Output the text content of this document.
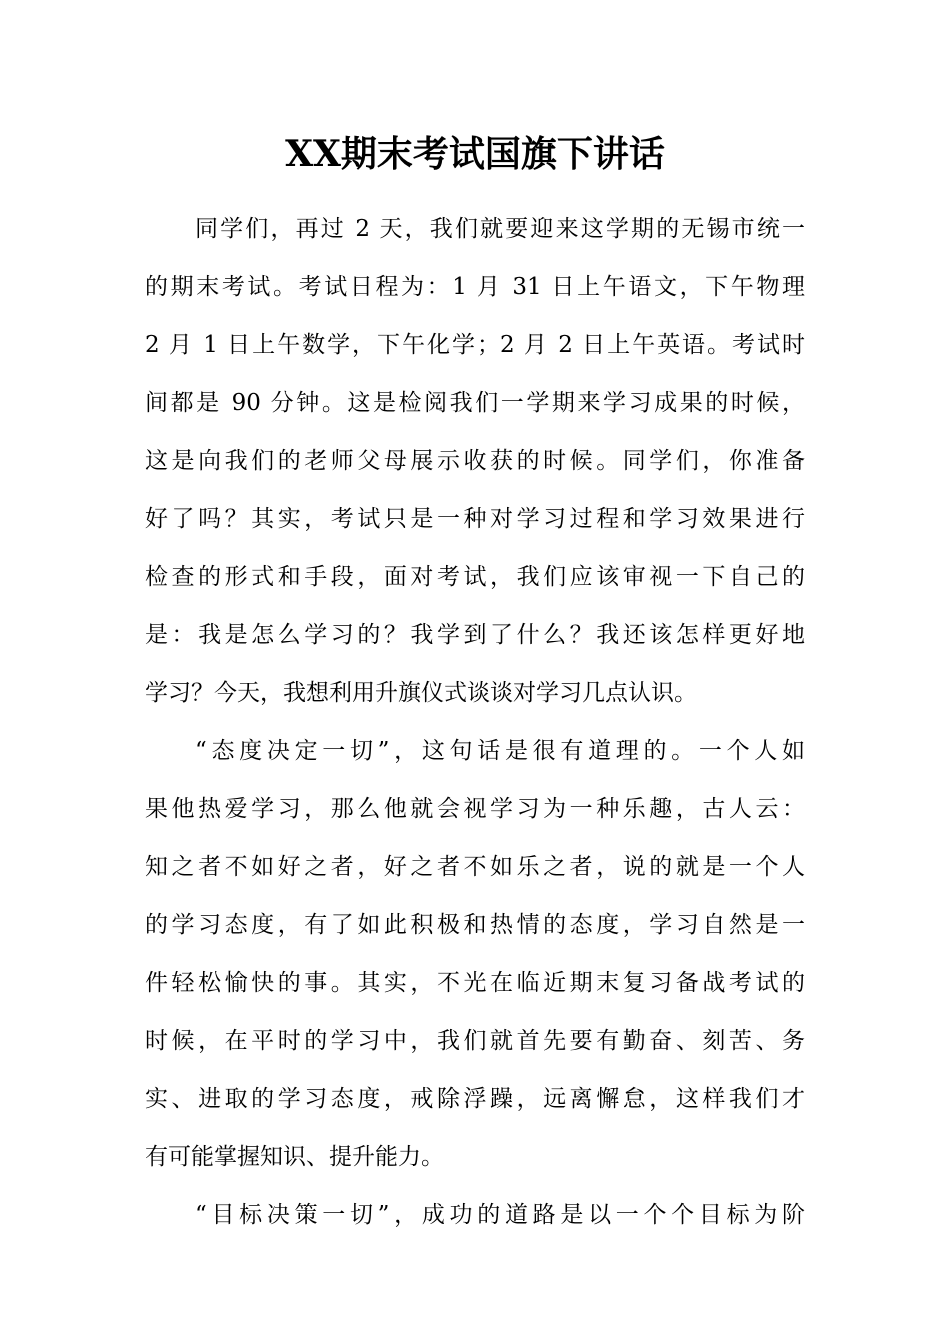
XX期末考试国旗下讲话
同学们，再过 2 天，我们就要迎来这学期的无锡市统一
的期末考试。考试日程为：1 月 31 日上午语文，下午物理
2 月 1 日上午数学，下午化学；2 月 2 日上午英语。考试时
间都是 90 分钟。这是检阅我们一学期来学习成果的时候，
这是向我们的老师父母展示收获的时候。同学们，你准备
好了吗？其实，考试只是一种对学习过程和学习效果进行
检查的形式和手段，面对考试，我们应该审视一下自己的
是：我是怎么学习的？我学到了什么？我还该怎样更好地
学习？今天，我想利用升旗仪式谈谈对学习几点认识。
“态度决定一切”，这句话是很有道理的。一个人如
果他热爱学习，那么他就会视学习为一种乐趣，古人云：
知之者不如好之者，好之者不如乐之者，说的就是一个人
的学习态度，有了如此积极和热情的态度，学习自然是一
件轻松愉快的事。其实，不光在临近期末复习备战考试的
时候，在平时的学习中，我们就首先要有勤奋、刻苦、务
实、进取的学习态度，戒除浮躁，远离懈怠，这样我们才
有可能掌握知识、提升能力。
“目标决策一切”，成功的道路是以一个个目标为阶
